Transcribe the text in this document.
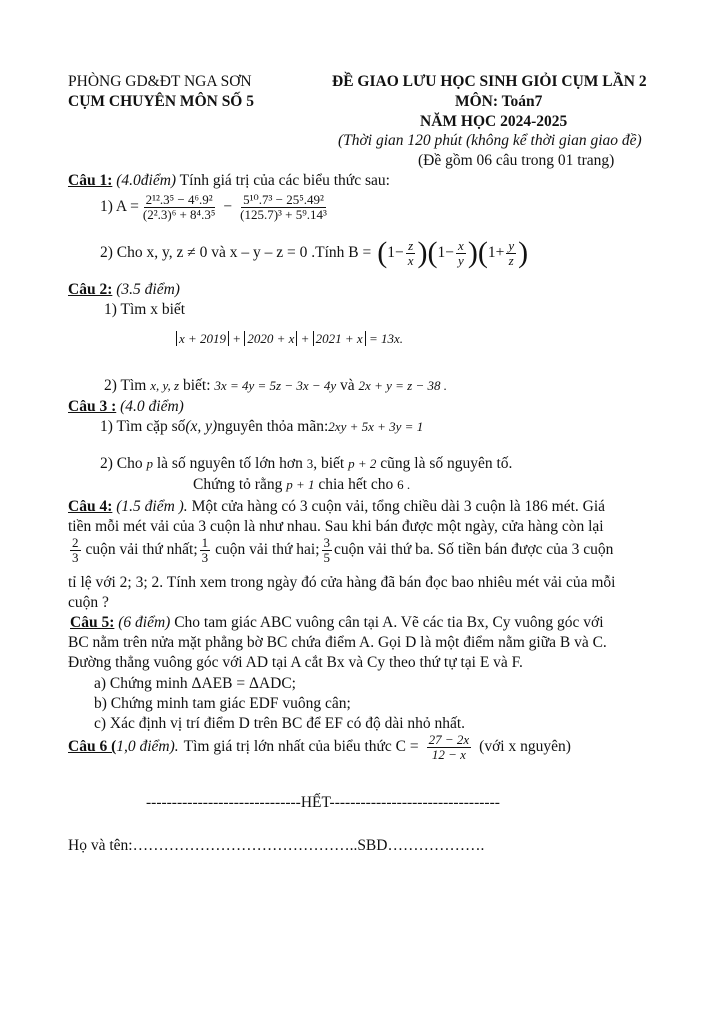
PHÒNG GD&ĐT NGA SƠN
CỤM CHUYÊN MÔN SỐ 5
ĐỀ GIAO LƯU HỌC SINH GIỎI CỤM LẦN 2
MÔN: Toán7
NĂM HỌC 2024-2025
(Thời gian 120 phút (không kể thời gian giao đề)
(Đề gồm 06 câu trong 01 trang)
Câu 1: (4.0điểm) Tính giá trị của các biểu thức sau:
1) $A = \frac{\text{2¹².3⁵ − 4⁶.9²}}{\text{(2².3)⁶ + 8⁴.3⁵}} - \frac{\text{5¹⁰.7³ − 25⁵.49²}}{\text{(125.7)³ + 5⁹.14³}}$
2) Cho x, y, z ≠ 0 và x – y – z = 0 .Tính B = ( $1- \frac{z}{x}$ ) ( $1- \frac{x}{y}$ ) ( $1+ \frac{y}{z}$ )
Câu 2: (3.5 điểm)
1) Tìm x biết
x + 2019 + 2020 + x + 2021 + x = 13x.
2) Tìm x, y, z biết: 3x = 4y = 5z − 3x − 4y và 2x + y = z − 38 .
Câu 3 : (4.0 điểm)
1) Tìm cặp số(x, y)nguyên thỏa mãn:2xy + 5x + 3y = 1
2) Cho p là số nguyên tố lớn hơn 3, biết p + 2 cũng là số nguyên tố.
Chứng tỏ rằng p + 1 chia hết cho 6 .
Câu 4: (1.5 điểm ). Một cửa hàng có 3 cuộn vải, tổng chiều dài 3 cuộn là 186 mét. Giá
tiền mỗi mét vải của 3 cuộn là như nhau. Sau khi bán được một ngày, cửa hàng còn lại
$\frac{2}{3}$ cuộn vải thứ nhất; $\frac{1}{3}$ cuộn vải thứ hai; $\frac{3}{5}$ cuộn vải thứ ba. Số tiền bán được của 3 cuộn
tỉ lệ với 2; 3; 2. Tính xem trong ngày đó cửa hàng đã bán đọc bao nhiêu mét vải của mỗi
cuộn ?
Câu 5: (6 điểm) Cho tam giác ABC vuông cân tại A. Vẽ các tia Bx, Cy vuông góc với
BC nằm trên nửa mặt phẳng bờ BC chứa điểm A. Gọi D là một điểm nằm giữa B và C.
Đường thẳng vuông góc với AD tại A cắt Bx và Cy theo thứ tự tại E và F.
a) Chứng minh ΔAEB = ΔADC;
b) Chứng minh tam giác EDF vuông cân;
c) Xác định vị trí điểm D trên BC để EF có độ dài nhỏ nhất.
Câu 6 ( 1,0 điểm). Tìm giá trị lớn nhất của biểu thức $C = \frac{27 - 2x}{12 - x}$ (với x nguyên)
------------------------------HẾT---------------------------------
Họ và tên:……………………………………..SBD……………….
